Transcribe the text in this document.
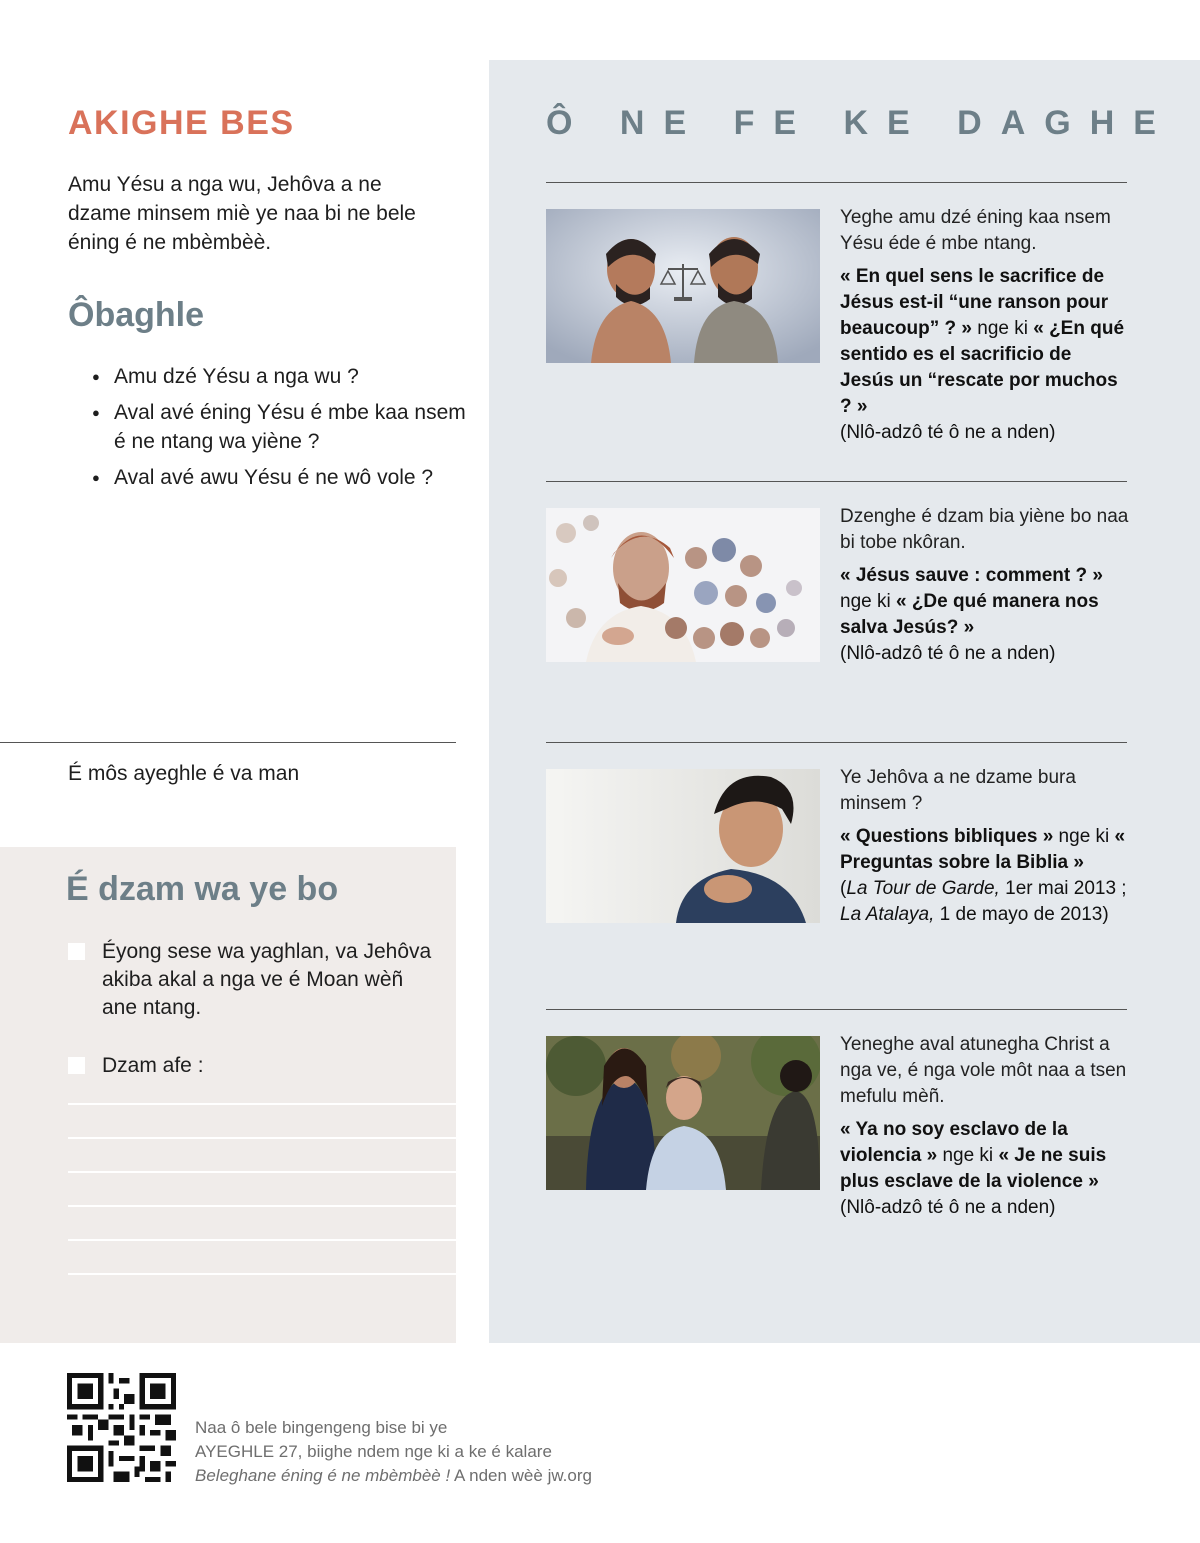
AKIGHE BES
Amu Yésu a nga wu, Jehôva a ne dzame minsem miè ye naa bi ne bele éning é ne mbèmbèè.
Ôbaghle
● Amu dzé Yésu a nga wu ?
● Aval avé éning Yésu é mbe kaa nsem é ne ntang wa yiène ?
● Aval avé awu Yésu é ne wô vole ?
É môs ayeghle é va man
É dzam wa ye bo
Éyong sese wa yaghlan, va Jehôva akiba akal a nga ve é Moan wèñ ane ntang.
Dzam afe :
Ô NE FE KE DAGHE
Yeghe amu dzé éning kaa nsem Yésu éde é mbe ntang.
« En quel sens le sacrifice de Jésus est-il “une ranson pour beaucoup” ? » nge ki « ¿En qué sentido es el sacrificio de Jesús un “rescate por muchos ? »
(Nlô-adzô té ô ne a nden)
Dzenghe é dzam bia yiène bo naa bi tobe nkôran.
« Jésus sauve : comment ? » nge ki « ¿De qué manera nos salva Jesús? »
(Nlô-adzô té ô ne a nden)
Ye Jehôva a ne dzame bura minsem ?
« Questions bibliques » nge ki « Preguntas sobre la Biblia »
(La Tour de Garde, 1er mai 2013 ;
La Atalaya, 1 de mayo de 2013)
Yeneghe aval atunegha Christ a nga ve, é nga vole môt naa a tsen mefulu mèñ.
« Ya no soy esclavo de la violencia » nge ki « Je ne suis plus esclave de la violence »
(Nlô-adzô té ô ne a nden)
Naa ô bele bingengeng bise bi ye
AYEGHLE 27, biighe ndem nge ki a ke é kalare
Beleghane éning é ne mbèmbèè ! A nden wèè jw.org
